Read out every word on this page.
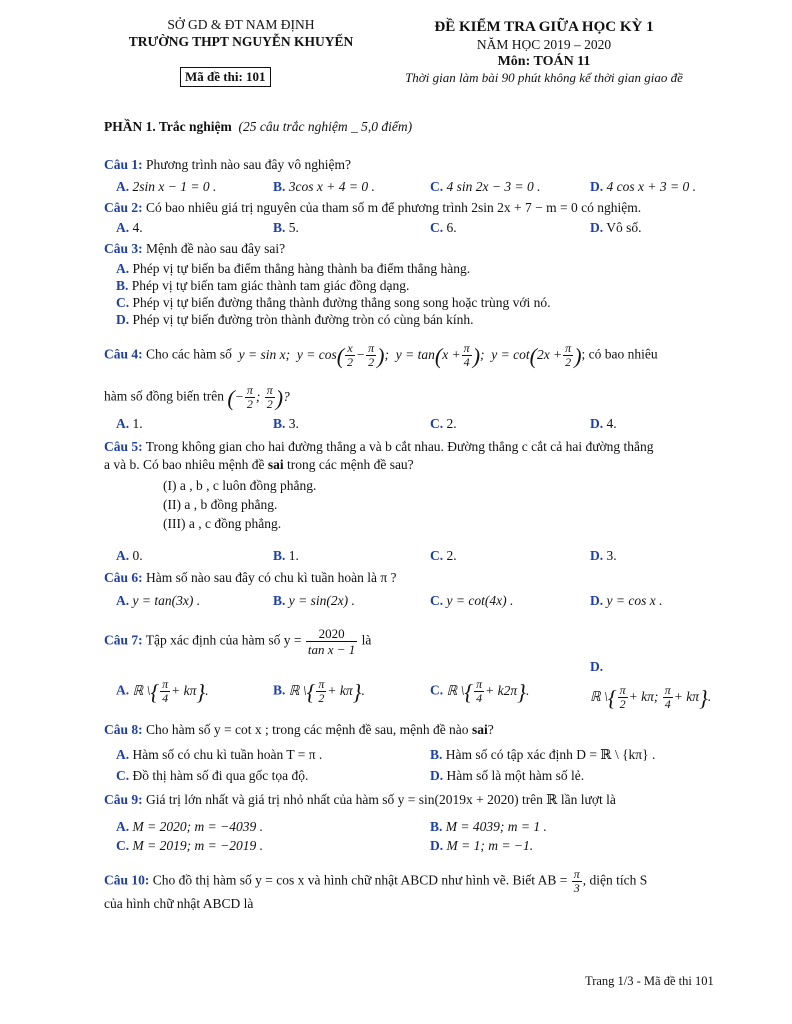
SỞ GD & ĐT NAM ĐỊNH
TRƯỜNG THPT NGUYỄN KHUYẾN
Mã đề thi: 101
ĐỀ KIỂM TRA GIỮA HỌC KỲ 1
NĂM HỌC 2019 – 2020
Môn: TOÁN 11
Thời gian làm bài 90 phút không kể thời gian giao đề
PHẦN 1. Trắc nghiệm (25 câu trắc nghiệm _ 5,0 điểm)
Câu 1: Phương trình nào sau đây vô nghiệm?
A. 2sin x − 1 = 0 .	B. 3cos x + 4 = 0 .	C. 4 sin 2x − 3 = 0 .	D. 4 cos x + 3 = 0 .
Câu 2: Có bao nhiêu giá trị nguyên của tham số m để phương trình 2sin 2x + 7 − m = 0 có nghiệm.
A. 4.	B. 5.	C. 6.	D. Vô số.
Câu 3: Mệnh đề nào sau đây sai?
A. Phép vị tự biến ba điểm thẳng hàng thành ba điểm thẳng hàng.
B. Phép vị tự biến tam giác thành tam giác đồng dạng.
C. Phép vị tự biến đường thẳng thành đường thẳng song song hoặc trùng với nó.
D. Phép vị tự biến đường tròn thành đường tròn có cùng bán kính.
Câu 4: Cho các hàm số  y = sin x;  $y = \cos( \frac{x}{2} - \frac{\pi}{2}$ );  $y = \tan(x + \frac{\pi}{4}$ );  $y = \cot(2x + \frac{\pi}{2}$ ); có bao nhiêu
hàm số đồng biến trên (− $\frac{\pi}{2}$ ; $\frac{\pi}{2}$ )?
A. 1.	B. 3.	C. 2.	D. 4.
Câu 5: Trong không gian cho hai đường thẳng a và b cắt nhau. Đường thẳng c cắt cả hai đường thẳng
a và b. Có bao nhiêu mệnh đề sai trong các mệnh đề sau?
(I) a , b , c luôn đồng phẳng.
(II) a , b đồng phẳng.
(III) a , c đồng phẳng.
A. 0.	B. 1.	C. 2.	D. 3.
Câu 6: Hàm số nào sau đây có chu kì tuần hoàn là π ?
A. y = tan(3x) .	B. y = sin(2x) .	C. y = cot(4x) .	D. y = cos x .
Câu 7: Tập xác định của hàm số $y = \frac{2020}{\text{tan x − 1}}$ là
A. ℝ \{ $\frac{\pi}{4} + k\pi$}.	B. ℝ \{ $\frac{\pi}{2} + k\pi$}.	C. ℝ \{ $\frac{\pi}{4} + k2\pi$}.
D.
ℝ \{ $\frac{\pi}{2} + k\pi$; $\frac{\pi}{4} + k\pi$}.
Câu 8: Cho hàm số y = cot x ; trong các mệnh đề sau, mệnh đề nào sai?
A. Hàm số có chu kì tuần hoàn T = π .	B. Hàm số có tập xác định D = ℝ \ {kπ} .
C. Đồ thị hàm số đi qua gốc tọa độ.	D. Hàm số là một hàm số lẻ.
Câu 9: Giá trị lớn nhất và giá trị nhỏ nhất của hàm số y = sin(2019x + 2020) trên ℝ lần lượt là
A. M = 2020; m = −4039 .	B. M = 4039; m = 1 .
C. M = 2019; m = −2019 .	D. M = 1; m = −1.
Câu 10: Cho đồ thị hàm số y = cos x và hình chữ nhật ABCD như hình vẽ. Biết AB = $\frac{\pi}{3}$ , diện tích S
của hình chữ nhật ABCD là
Trang 1/3 - Mã đề thi 101
